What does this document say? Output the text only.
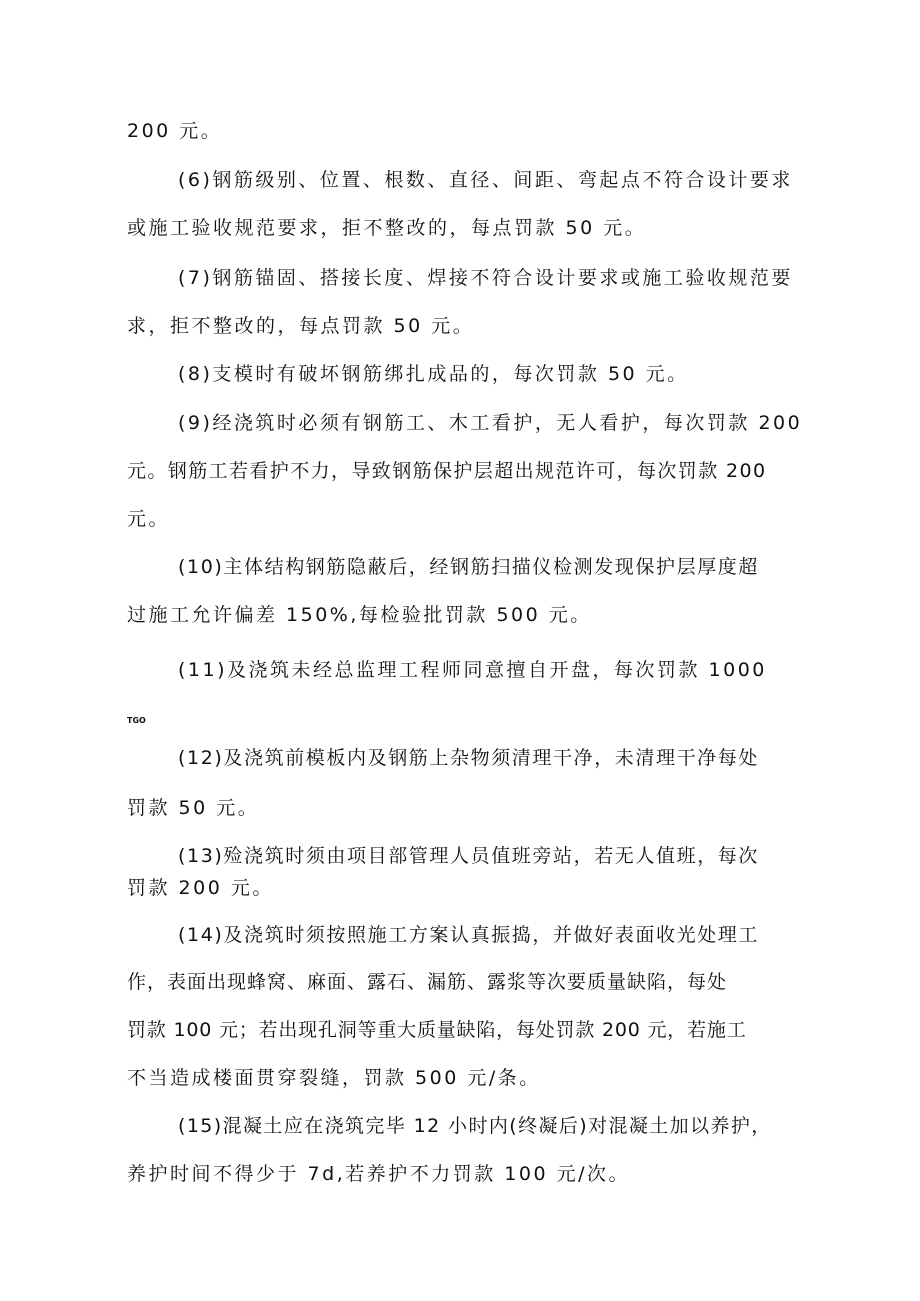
200 元。
(6)钢筋级别、位置、根数、直径、间距、弯起点不符合设计要求
或施工验收规范要求，拒不整改的，每点罚款 50 元。
(7)钢筋锚固、搭接长度、焊接不符合设计要求或施工验收规范要
求，拒不整改的，每点罚款 50 元。
(8)支模时有破坏钢筋绑扎成品的，每次罚款 50 元。
(9)经浇筑时必须有钢筋工、木工看护，无人看护，每次罚款 200
元。钢筋工若看护不力，导致钢筋保护层超出规范许可，每次罚款 200
元。
(10)主体结构钢筋隐蔽后，经钢筋扫描仪检测发现保护层厚度超
过施工允许偏差 150%,每检验批罚款 500 元。
(11)及浇筑未经总监理工程师同意擅自开盘，每次罚款 1000
TGO
(12)及浇筑前模板内及钢筋上杂物须清理干净，未清理干净每处
罚款 50 元。
(13)殓浇筑时须由项目部管理人员值班旁站，若无人值班，每次
罚款 200 元。
(14)及浇筑时须按照施工方案认真振捣，并做好表面收光处理工
作，表面出现蜂窝、麻面、露石、漏筋、露浆等次要质量缺陷，每处
罚款 100 元；若出现孔洞等重大质量缺陷，每处罚款 200 元，若施工
不当造成楼面贯穿裂缝，罚款 500 元/条。
(15)混凝土应在浇筑完毕 12 小时内(终凝后)对混凝土加以养护，
养护时间不得少于 7d,若养护不力罚款 100 元/次。
